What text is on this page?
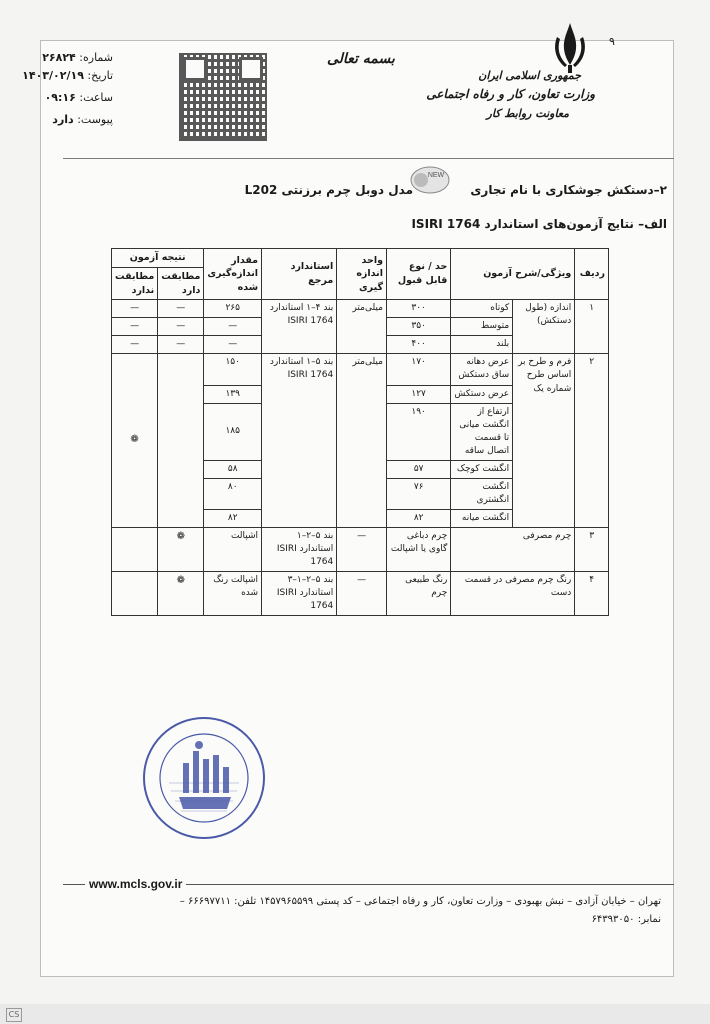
شماره: ۲۶۸۲۴
تاریخ: ۱۴۰۳/۰۲/۱۹
ساعت: ۰۹:۱۶
پیوست: دارد
بسمه تعالی
۹
جمهوری اسلامی ایران
وزارت تعاون، کار و رفاه اجتماعی
معاونت روابط کار
۲–دستکش جوشکاری با نام تجاری
NEW
مدل دوبل چرم برزنتی L202
الف– نتایج آزمون‌های استاندارد ISIRI 1764
ردیف	ویژگی/شرح آزمون		حد / نوع قابل قبول	واحد اندازه گیری	استاندارد مرجع	مقدار اندازه‌گیری شده	نتیجه آزمون	
							مطابقت دارد	مطابقت ندارد
۱	اندازه (طول دستکش)	کوتاه	۳۰۰	میلی‌متر	بند ۴–۱ استاندارد ISIRI 1764	۲۶۵	—	—
		متوسط	۳۵۰			—	—	—
		بلند	۴۰۰			—	—	—
۲	فرم و طرح بر اساس طرح شماره یک	عرض دهانه ساق دستکش	۱۷۰	میلی‌متر	بند ۵–۱ استاندارد ISIRI 1764	۱۵۰		❁
		عرض دستکش	۱۲۷			۱۳۹		
		ارتفاع از انگشت میانی تا قسمت اتصال ساقه	۱۹۰			۱۸۵		
		انگشت کوچک	۵۷			۵۸		
		انگشت انگشتری	۷۶			۸۰		
		انگشت میانه	۸۲			۸۲		
۳	چرم مصرفی		چرم دباغی گاوی یا اشپالت	—	بند ۵–۲–۱ استاندارد ISIRI 1764	اشپالت	❁	
۴	رنگ چرم مصرفی در قسمت دست		رنگ طبیعی چرم	—	بند ۵–۲–۱–۳ استاندارد ISIRI 1764	اشپالت رنگ شده	❁	
www.mcls.gov.ir
تهران – خیابان آزادی – نبش بهبودی – وزارت تعاون، کار و رفاه اجتماعی – کد پستی ۱۴۵۷۹۶۵۵۹۹ تلفن: ۶۶۶۹۷۷۱۱ –
نمابر: ۶۴۳۹۳۰۵۰
CS
